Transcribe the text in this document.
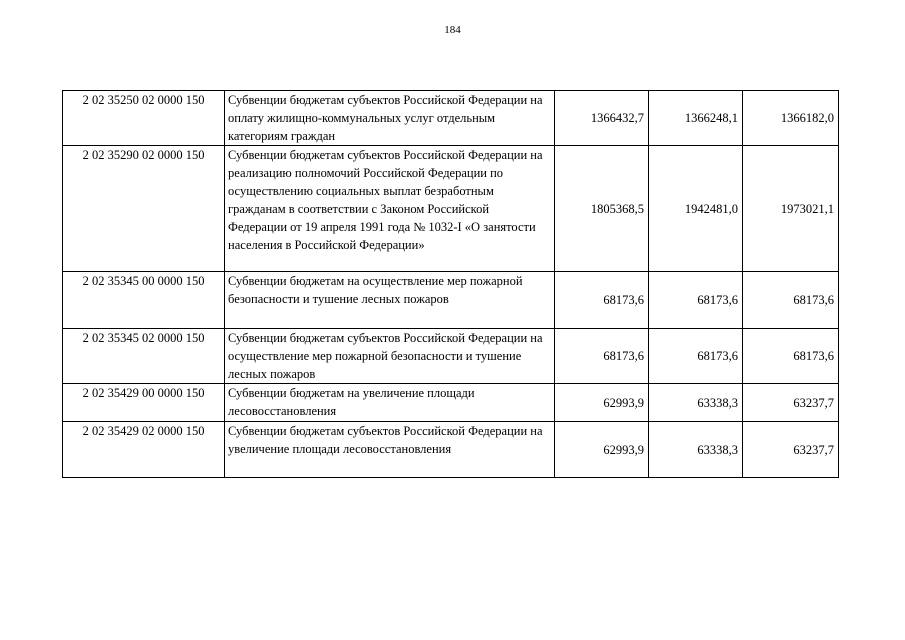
184
2 02 35250 02 0000 150	Субвенции бюджетам субъектов Российской Федерации на оплату жилищно-коммунальных услуг отдельным категориям граждан	1366432,7	1366248,1	1366182,0
2 02 35290 02 0000 150	Субвенции бюджетам субъектов Российской Федерации на реализацию полномочий Российской Федерации по осуществлению социальных выплат безработным гражданам в соответствии с Законом Российской Федерации от 19 апреля 1991 года № 1032-I «О занятости населения в Российской Федерации»	1805368,5	1942481,0	1973021,1
2 02 35345 00 0000 150	Субвенции бюджетам на осуществление мер пожарной безопасности и тушение лесных пожаров	68173,6	68173,6	68173,6
2 02 35345 02 0000 150	Субвенции бюджетам субъектов Российской Федерации на осуществление мер пожарной безопасности и тушение лесных пожаров	68173,6	68173,6	68173,6
2 02 35429 00 0000 150	Субвенции бюджетам на увеличение площади лесовосстановления	62993,9	63338,3	63237,7
2 02 35429 02 0000 150	Субвенции бюджетам субъектов Российской Федерации на увеличение площади лесовосстановления	62993,9	63338,3	63237,7
